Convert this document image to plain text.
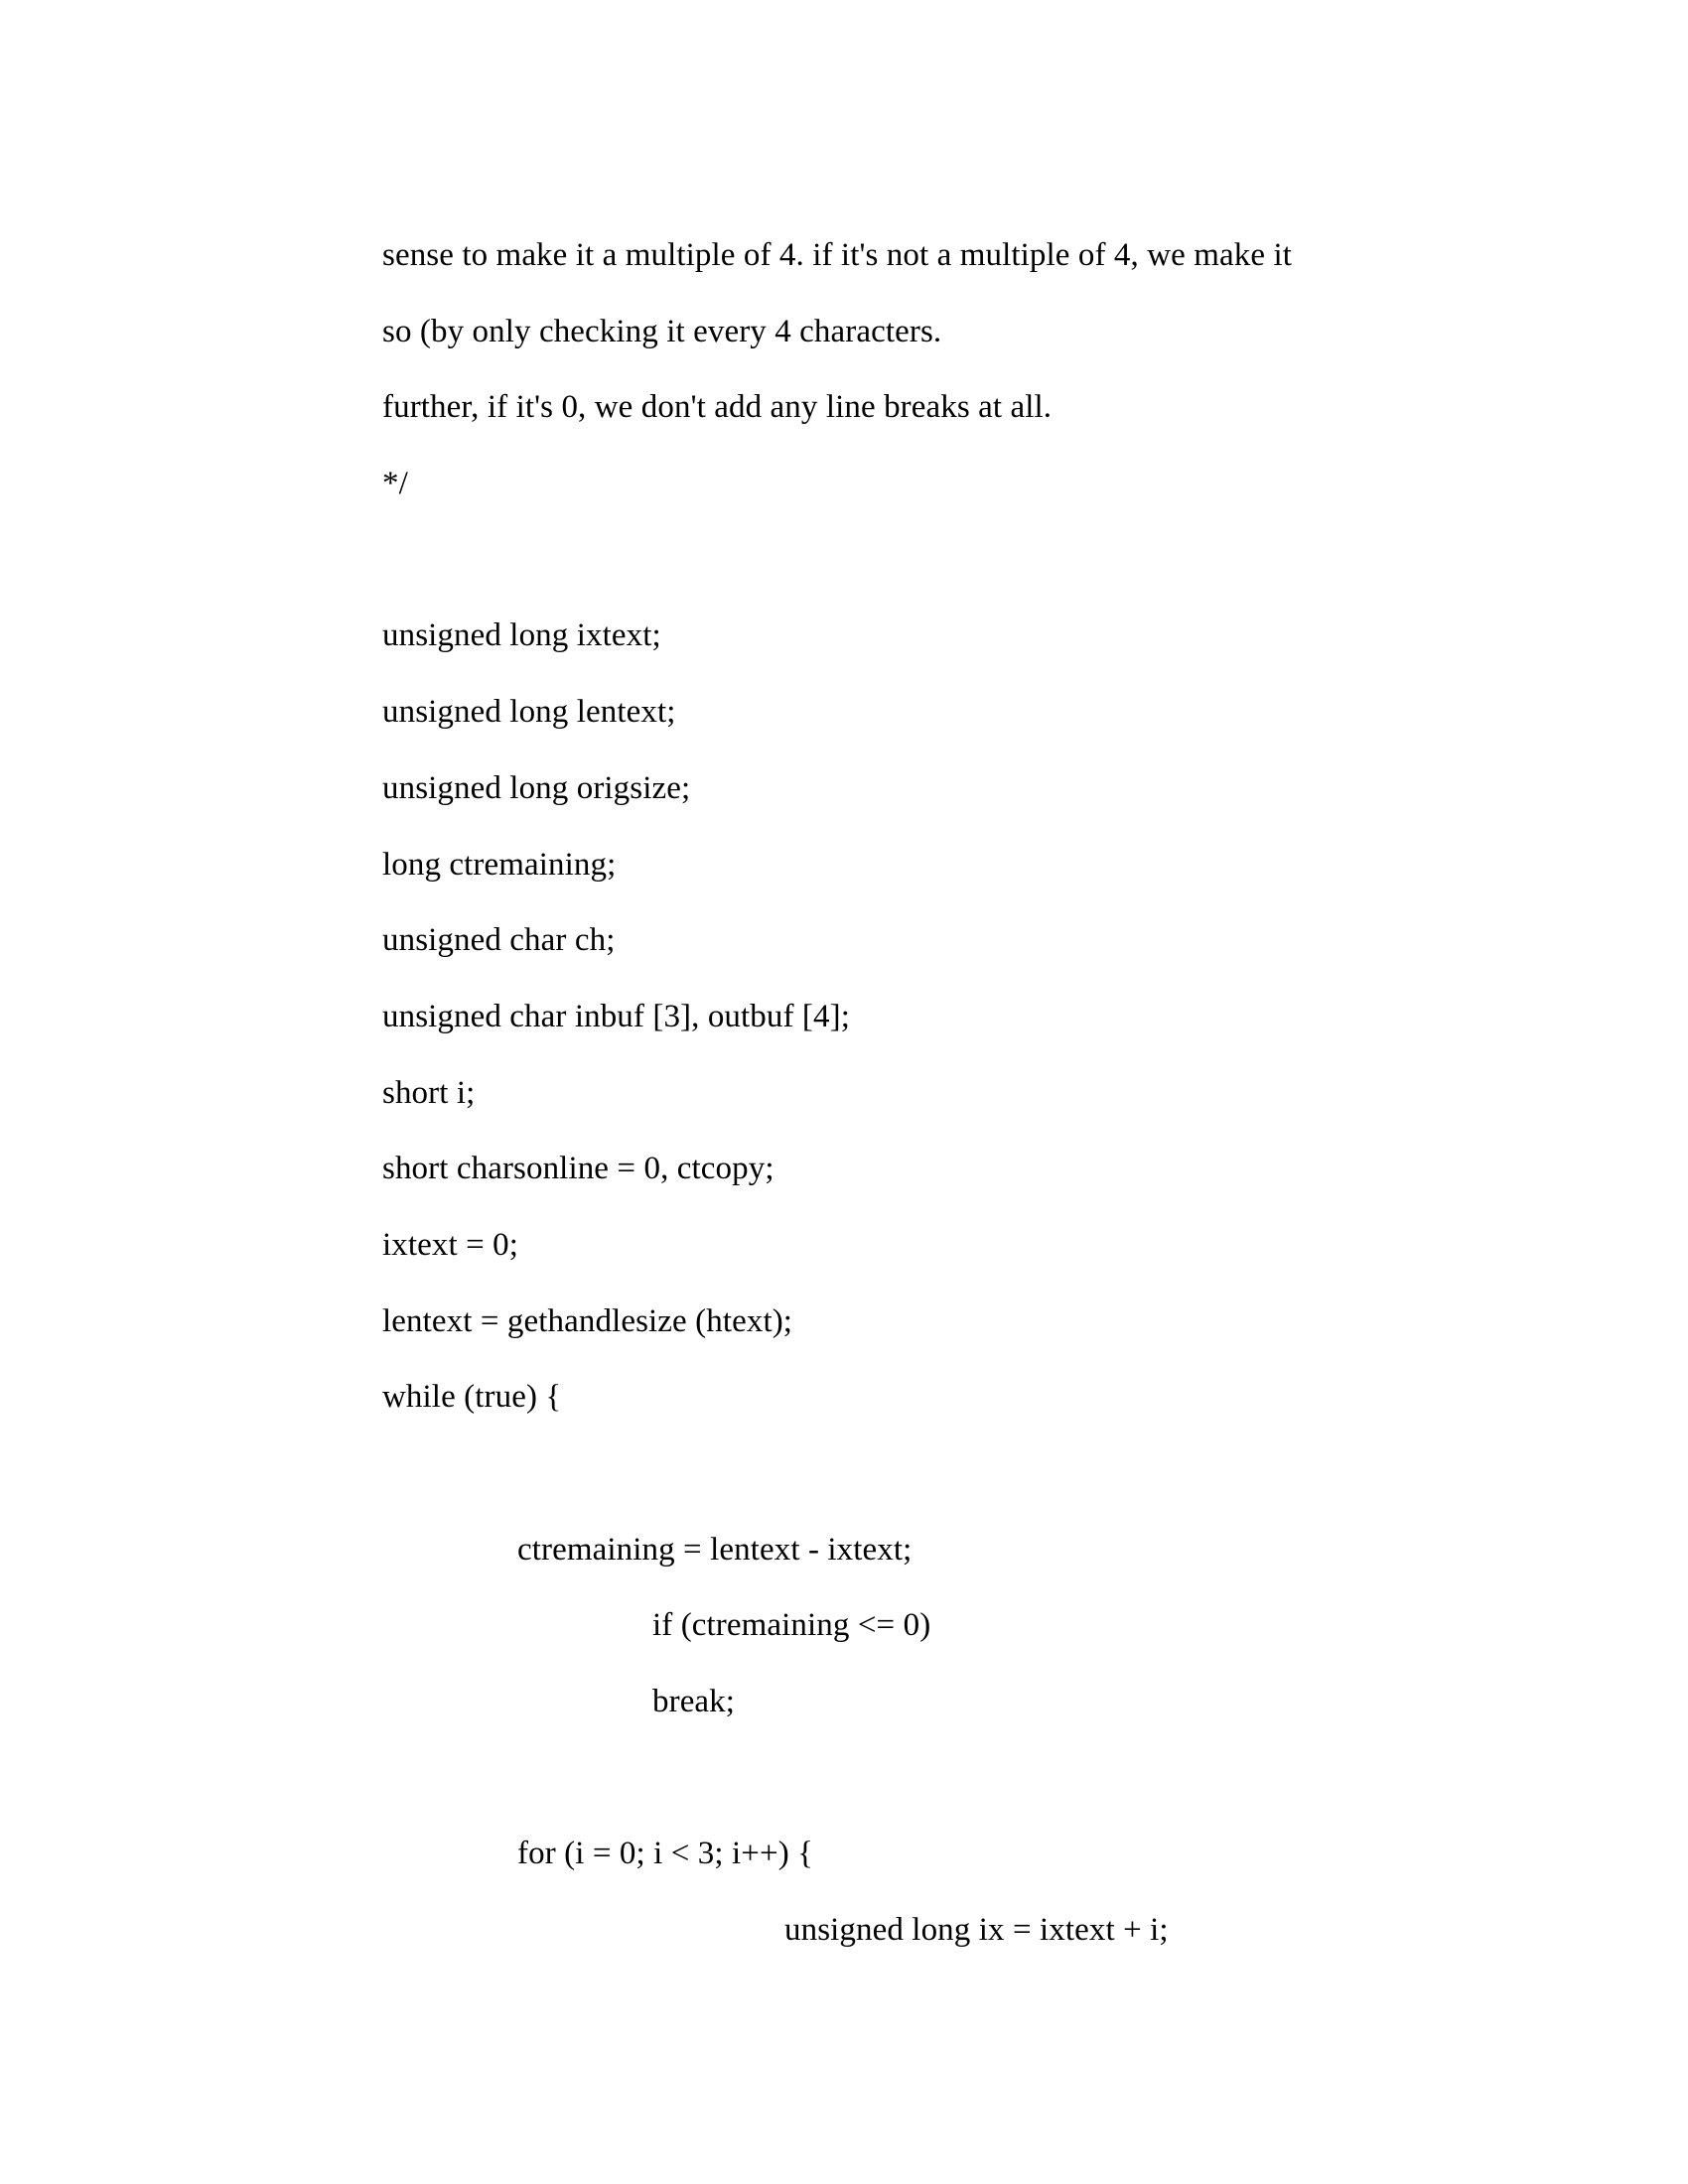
sense to make it a multiple of 4. if it's not a multiple of 4, we make it
so (by only checking it every 4 characters.
further, if it's 0, we don't add any line breaks at all.
*/
unsigned long ixtext;
unsigned long lentext;
unsigned long origsize;
long ctremaining;
unsigned char ch;
unsigned char inbuf [3], outbuf [4];
short i;
short charsonline = 0, ctcopy;
ixtext = 0;
lentext = gethandlesize (htext);
while (true) {
ctremaining = lentext - ixtext;
if (ctremaining <= 0)
break;
for (i = 0; i < 3; i++) {
unsigned long ix = ixtext + i;
